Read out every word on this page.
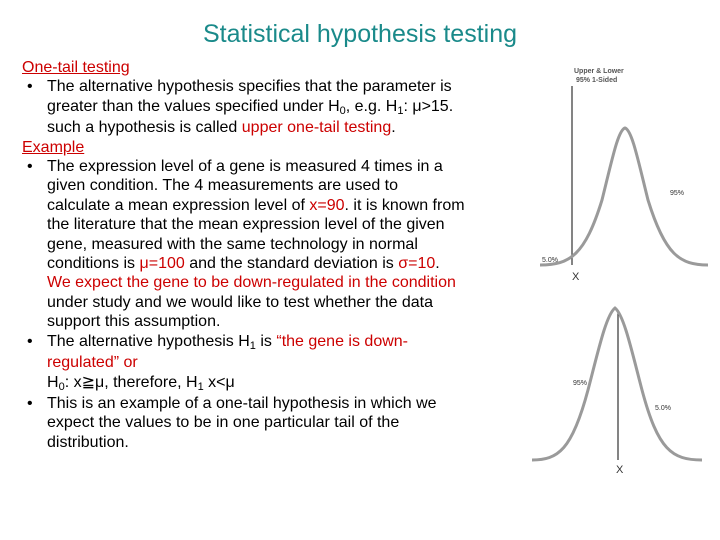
Statistical hypothesis testing
One-tail testing
• The alternative hypothesis specifies that the parameter is
greater than the values specified under H0, e.g. H1: μ>15.
such a hypothesis is called upper one-tail testing.
Example
• The expression level of a gene is measured 4 times in a
given condition. The 4 measurements are used to
calculate a mean expression level of x=90. it is known from
the literature that the mean expression level of the given
gene, measured with the same technology in normal
conditions is μ=100 and the standard deviation is σ=10.
We expect the gene to be down-regulated in the condition
under study and we would like to test whether the data
support this assumption.
• The alternative hypothesis H1 is “the gene is down-
regulated” or
H0: x≧μ, therefore, H1 x<μ
• This is an example of a one-tail hypothesis in which we
expect the values to be in one particular tail of the
distribution.
Upper & Lower
95% 1-Sided
95%
5.0%
X
95%
5.0%
X
